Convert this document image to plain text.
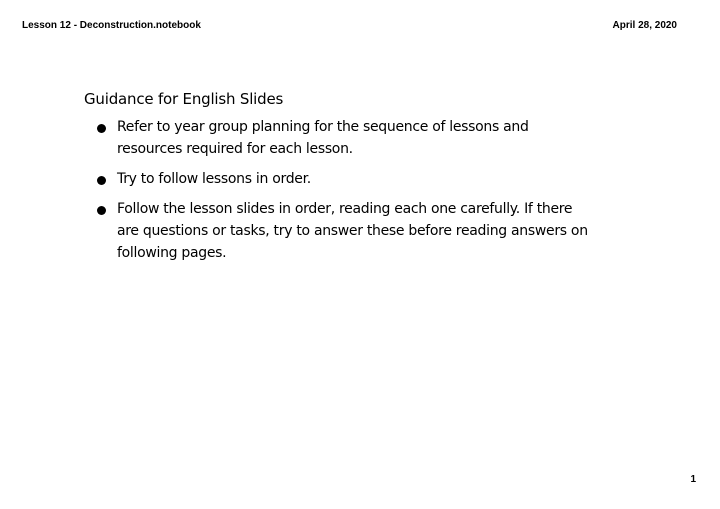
Lesson 12 - Deconstruction.notebook	April 28, 2020
Guidance for English Slides
Refer to year group planning for the sequence of lessons and
resources required for each lesson.
Try to follow lessons in order.
Follow the lesson slides in order, reading each one carefully. If there
are questions or tasks, try to answer these before reading answers on
following pages.
1
